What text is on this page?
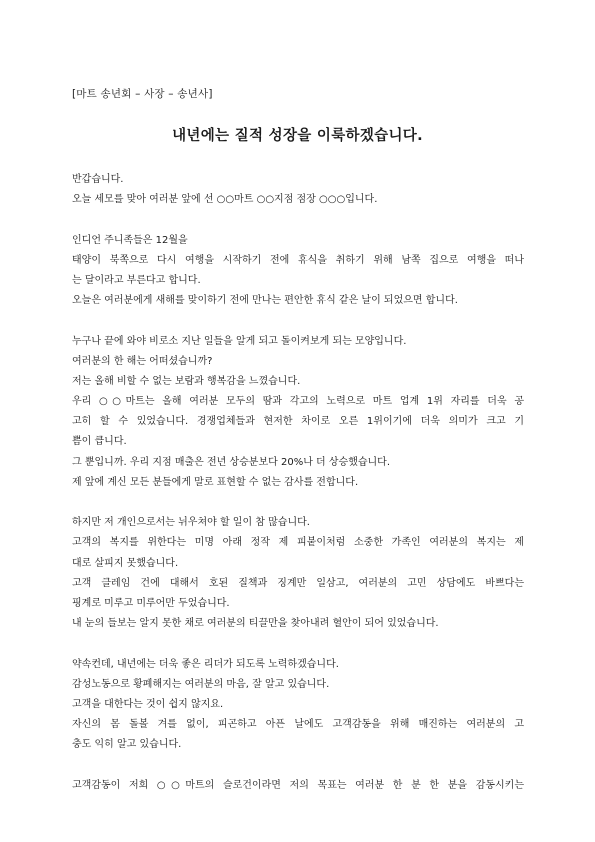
[마트 송년회 – 사장 – 송년사]
내년에는 질적 성장을 이룩하겠습니다.
반갑습니다.
오늘 세모를 맞아 여러분 앞에 선 ○○마트 ○○지점 점장 ○○○입니다.
인디언 주니족들은 12월을
태양이 북쪽으로 다시 여행을 시작하기 전에 휴식을 취하기 위해 남쪽 집으로 여행을 떠나
는 달이라고 부른다고 합니다.
오늘은 여러분에게 새해를 맞이하기 전에 만나는 편안한 휴식 같은 날이 되었으면 합니다.
누구나 끝에 와야 비로소 지난 일들을 알게 되고 돌이켜보게 되는 모양입니다.
여러분의 한 해는 어떠셨습니까?
저는 올해 비할 수 없는 보람과 행복감을 느꼈습니다.
우리 ○○마트는 올해 여러분 모두의 땀과 각고의 노력으로 마트 업계 1위 자리를 더욱 공
고히 할 수 있었습니다. 경쟁업체들과 현저한 차이로 오른 1위이기에 더욱 의미가 크고 기
쁨이 큽니다.
그 뿐입니까. 우리 지점 매출은 전년 상승분보다 20%나 더 상승했습니다.
제 앞에 계신 모든 분들에게 말로 표현할 수 없는 감사를 전합니다.
하지만 저 개인으로서는 뉘우쳐야 할 일이 참 많습니다.
고객의 복지를 위한다는 미명 아래 정작 제 피붙이처럼 소중한 가족인 여러분의 복지는 제
대로 살피지 못했습니다.
고객 클레임 건에 대해서 호된 질책과 징계만 일삼고, 여러분의 고민 상담에도 바쁘다는
핑계로 미루고 미루어만 두었습니다.
내 눈의 들보는 알지 못한 채로 여러분의 티끌만을 찾아내려 혈안이 되어 있었습니다.
약속컨데, 내년에는 더욱 좋은 리더가 되도록 노력하겠습니다.
감성노동으로 황폐해지는 여러분의 마음, 잘 알고 있습니다.
고객을 대한다는 것이 쉽지 않지요.
자신의 몸 돌볼 겨를 없이, 피곤하고 아픈 날에도 고객감동을 위해 매진하는 여러분의 고
충도 익히 알고 있습니다.
고객감동이 저희 ○○마트의 슬로건이라면 저의 목표는 여러분 한 분 한 분을 감동시키는
